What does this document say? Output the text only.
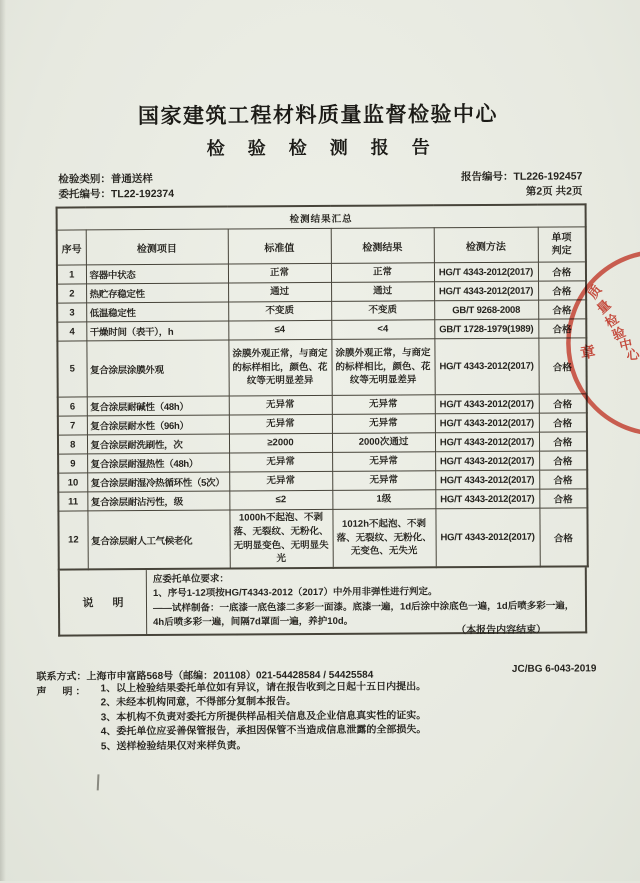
国家建筑工程材料质量监督检验中心
检 验 检 测 报 告
检验类别：普通送样
委托编号：TL22-192374
报告编号：TL226-192457
第2页 共2页
检测结果汇总					
序号	检测项目	标准值	检测结果	检测方法	单项判定
1	容器中状态	正常	正常	HG/T 4343-2012(2017)	合格
2	热贮存稳定性	通过	通过	HG/T 4343-2012(2017)	合格
3	低温稳定性	不变质	不变质	GB/T 9268-2008	合格
4	干燥时间（表干），h	≤4	<4	GB/T 1728-1979(1989)	合格
5	复合涂层涂膜外观	涂膜外观正常，与商定的标样相比，颜色、花纹等无明显差异	涂膜外观正常，与商定的标样相比，颜色、花纹等无明显差异	HG/T 4343-2012(2017)	合格
6	复合涂层耐碱性（48h）	无异常	无异常	HG/T 4343-2012(2017)	合格
7	复合涂层耐水性（96h）	无异常	无异常	HG/T 4343-2012(2017)	合格
8	复合涂层耐洗刷性，次	≥2000	2000次通过	HG/T 4343-2012(2017)	合格
9	复合涂层耐湿热性（48h）	无异常	无异常	HG/T 4343-2012(2017)	合格
10	复合涂层耐湿冷热循环性（5次）	无异常	无异常	HG/T 4343-2012(2017)	合格
11	复合涂层耐沾污性，级	≤2	1级	HG/T 4343-2012(2017)	合格
12	复合涂层耐人工气候老化	1000h不起泡、不剥落、无裂纹、无粉化、无明显变色、无明显失光	1012h不起泡、不剥落、无裂纹、无粉化、无变色、无失光	HG/T 4343-2012(2017)	合格
说　明
应委托单位要求：
1、序号1-12项按HG/T4343-2012（2017）中外用非弹性进行判定。
——试样制备：一底漆一底色漆二多彩一面漆。底漆一遍，1d后涂中涂底色一遍，1d后喷多彩一遍，4h后喷多彩一遍，间隔7d罩面一遍，养护10d。
（本报告内容结束）
联系方式：上海市申富路568号（邮编：201108）021-54428584 / 54425584
JC/BG 6-043-2019
声　明：	1、以上检验结果委托单位如有异议，请在报告收到之日起十五日内提出。
2、未经本机构同意，不得部分复制本报告。
3、本机构不负责对委托方所提供样品相关信息及企业信息真实性的证实。
4、委托单位应妥善保管报告，承担因保管不当造成信息泄露的全部损失。
5、送样检验结果仅对来样负责。
质
量
检
验
中
心
章
